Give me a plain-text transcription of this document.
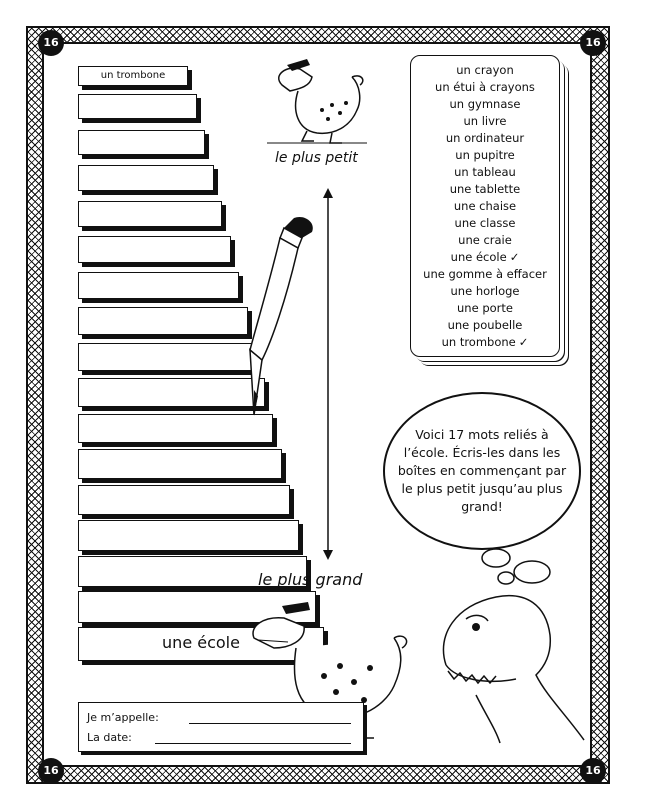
16	16
16	16
un trombone
une école
le plus petit
un crayon
un étui à crayons
un gymnase
un livre
un ordinateur
un pupitre
un tableau
une tablette
une chaise
une classe
une craie
une école ✓
une gomme à effacer
une horloge
une porte
une poubelle
un trombone ✓
Voici 17 mots reliés à l’école. Écris-les dans les boîtes en commençant par le plus petit jusqu’au plus grand!
le plus grand
Je m’appelle:
La date:
